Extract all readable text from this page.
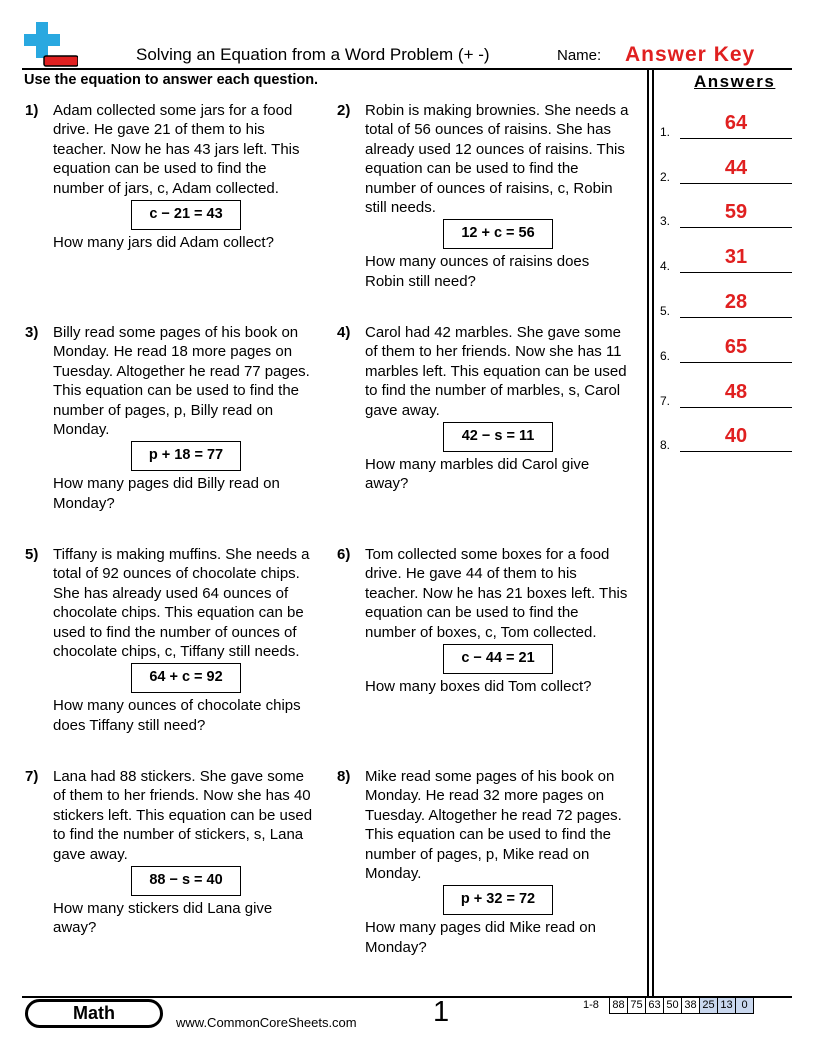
Solving an Equation from a Word Problem (+ -)	Name: Answer Key
Use the equation to answer each question.	Answers
1) Adam collected some jars for a food drive. He gave 21 of them to his teacher. Now he has 43 jars left. This equation can be used to find the number of jars, c, Adam collected.

c − 21 = 43

How many jars did Adam collect?

2) Robin is making brownies. She needs a total of 56 ounces of raisins. She has already used 12 ounces of raisins. This equation can be used to find the number of ounces of raisins, c, Robin still needs.

12 + c = 56

How many ounces of raisins does Robin still need?

3) Billy read some pages of his book on Monday. He read 18 more pages on Tuesday. Altogether he read 77 pages. This equation can be used to find the number of pages, p, Billy read on Monday.

p + 18 = 77

How many pages did Billy read on Monday?

4) Carol had 42 marbles. She gave some of them to her friends. Now she has 11 marbles left. This equation can be used to find the number of marbles, s, Carol gave away.

42 − s = 11

How many marbles did Carol give away?

5) Tiffany is making muffins. She needs a total of 92 ounces of chocolate chips. She has already used 64 ounces of chocolate chips. This equation can be used to find the number of ounces of chocolate chips, c, Tiffany still needs.

64 + c = 92

How many ounces of chocolate chips does Tiffany still need?

6) Tom collected some boxes for a food drive. He gave 44 of them to his teacher. Now he has 21 boxes left. This equation can be used to find the number of boxes, c, Tom collected.

c − 44 = 21

How many boxes did Tom collect?

7) Lana had 88 stickers. She gave some of them to her friends. Now she has 40 stickers left. This equation can be used to find the number of stickers, s, Lana gave away.

88 − s = 40

How many stickers did Lana give away?

8) Mike read some pages of his book on Monday. He read 32 more pages on Tuesday. Altogether he read 72 pages. This equation can be used to find the number of pages, p, Mike read on Monday.

p + 32 = 72

How many pages did Mike read on Monday?

1.	64
2.	44
3.	59
4.	31
5.	28
6.	65
7.	48
8.	40
Math	www.CommonCoreSheets.com	1	1-8	88 75 63 50 38 25 13 0
